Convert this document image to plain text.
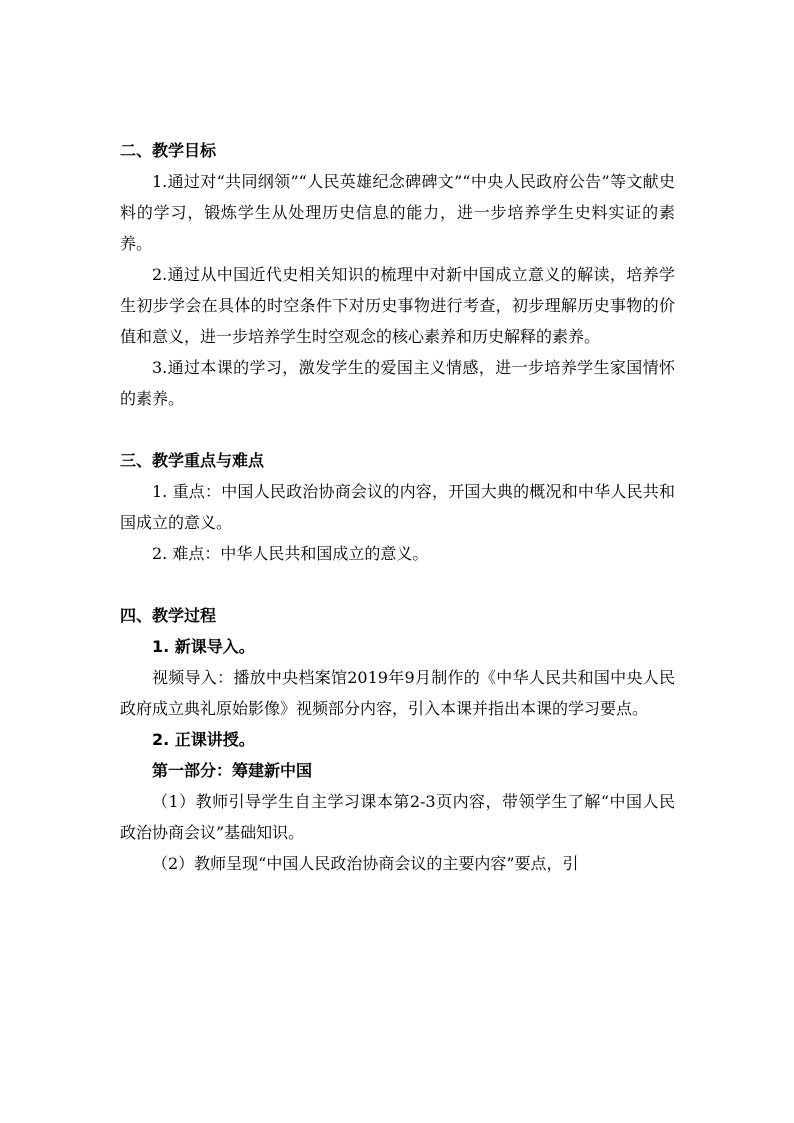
二、教学目标

1.通过对“共同纲领”“人民英雄纪念碑碑文”“中央人民政府公告”等文献史料的学习，锻炼学生从处理历史信息的能力，进一步培养学生史料实证的素养。

2.通过从中国近代史相关知识的梳理中对新中国成立意义的解读，培养学生初步学会在具体的时空条件下对历史事物进行考查，初步理解历史事物的价值和意义，进一步培养学生时空观念的核心素养和历史解释的素养。

3.通过本课的学习，激发学生的爱国主义情感，进一步培养学生家国情怀的素养。

三、教学重点与难点

1. 重点：中国人民政治协商会议的内容，开国大典的概况和中华人民共和国成立的意义。

2. 难点：中华人民共和国成立的意义。

四、教学过程

1. 新课导入。

视频导入：播放中央档案馆2019年9月制作的《中华人民共和国中央人民政府成立典礼原始影像》视频部分内容，引入本课并指出本课的学习要点。

2. 正课讲授。

第一部分：筹建新中国

（1）教师引导学生自主学习课本第2-3页内容，带领学生了解“中国人民政治协商会议”基础知识。

（2）教师呈现“中国人民政治协商会议的主要内容”要点，引
